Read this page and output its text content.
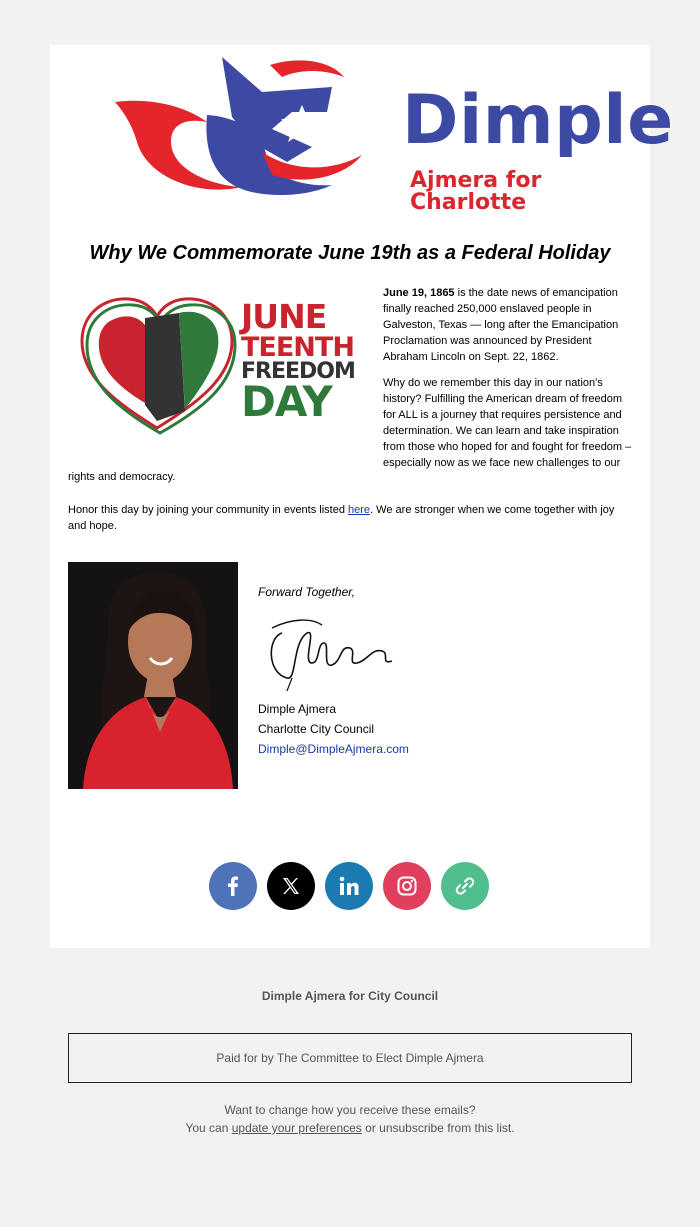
Dimple
Ajmera for Charlotte
Why We Commemorate June 19th as a Federal Holiday
JUNE
TEENTH
FREEDOM
DAY

June 19, 1865 is the date news of emancipation finally reached 250,000 enslaved people in Galveston, Texas — long after the Emancipation Proclamation was announced by President Abraham Lincoln on Sept. 22, 1862.

Why do we remember this day in our nation's history? Fulfilling the American dream of freedom for ALL is a journey that requires persistence and determination. We can learn and take inspiration from those who hoped for and fought for freedom – especially now as we face new challenges to our

rights and democracy.
Honor this day by joining your community in events listed here. We are stronger when we come together with joy and hope.
Forward Together,
Dimple Ajmera
Charlotte City Council
Dimple@DimpleAjmera.com
Dimple Ajmera for City Council
Paid for by The Committee to Elect Dimple Ajmera
Want to change how you receive these emails?
You can update your preferences or unsubscribe from this list.
